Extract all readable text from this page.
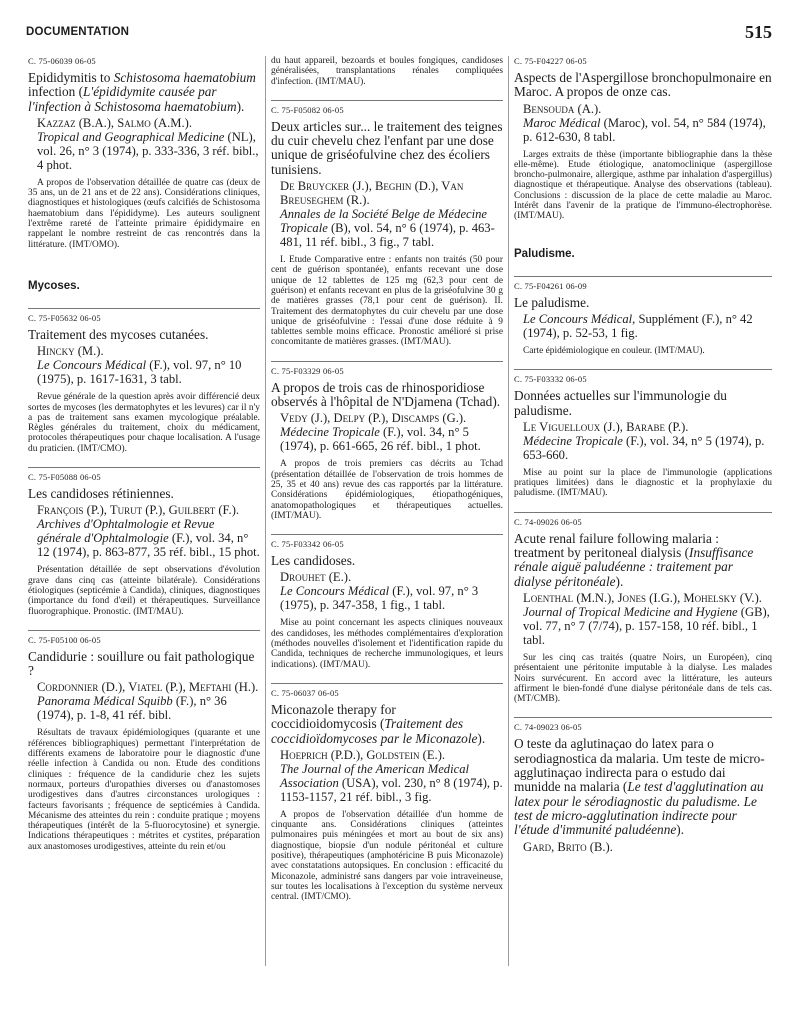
DOCUMENTATION	515
C. 75-06039 06-05
Epididymitis to Schistosoma haematobium infection (L'épididymite causée par l'infection à Schistosoma haematobium).
Kazzaz (B.A.), Salmo (A.M.).
Tropical and Geographical Medicine (NL), vol. 26, n° 3 (1974), p. 333-336, 3 réf. bibl., 4 phot.
A propos de l'observation détaillée de quatre cas (deux de 35 ans, un de 21 ans et de 22 ans). Considérations cliniques, diagnostiques et histologiques (œufs calcifiés de Schistosoma haematobium dans l'épididyme). Les auteurs soulignent l'extrême rareté de l'atteinte primaire épididymaire en rappelant le nombre restreint de cas rencontrés dans la littérature. (IMT/OMO).
Mycoses.
C. 75-F05632 06-05
Traitement des mycoses cutanées.
Hincky (M.).
Le Concours Médical (F.), vol. 97, n° 10 (1975), p. 1617-1631, 3 tabl.
Revue générale de la question après avoir différencié deux sortes de mycoses (les dermatophytes et les levures) car il n'y a pas de traitement sans examen mycologique préalable. Règles générales du traitement, choix du médicament, protocoles thérapeutiques pour chaque localisation. A l'usage du praticien. (IMT/CMO).
C. 75-F05088 06-05
Les candidoses rétiniennes.
François (P.), Turut (P.), Guilbert (F.).
Archives d'Ophtalmologie et Revue générale d'Ophtalmologie (F.), vol. 34, n° 12 (1974), p. 863-877, 35 réf. bibl., 15 phot.
Présentation détaillée de sept observations d'évolution grave dans cinq cas (atteinte bilatérale). Considérations étiologiques (septicémie à Candida), cliniques, diagnostiques (importance du fond d'œil) et thérapeutiques. Surveillance fluorographique. Pronostic. (IMT/MAU).
C. 75-F05100 06-05
Candidurie : souillure ou fait pathologique ?
Cordonnier (D.), Viatel (P.), Meftahi (H.).
Panorama Médical Squibb (F.), n° 36 (1974), p. 1-8, 41 réf. bibl.
Résultats de travaux épidémiologiques (quarante et une références bibliographiques) permettant l'interprétation de différents examens de laboratoire pour le diagnostic d'une réelle infection à Candida ou non. Etude des conditions cliniques : fréquence de la candidurie chez les sujets normaux, porteurs d'uropathies diverses ou d'anastomoses urodigestives dans d'autres circonstances urologiques : facteurs favorisants ; fréquence de septicémies à Candida. Mécanisme des atteintes du rein : conduite pratique ; moyens thérapeutiques (intérêt de la 5-fluorocytosine) et synergie. Indications thérapeutiques : métrites et cystites, préparation aux anastomoses urodigestives, atteinte du rein et/ou
du haut appareil, bezoards et boules fongiques, candidoses généralisées, transplantations rénales compliquées d'infection. (IMT/MAU).
C. 75-F05082 06-05
Deux articles sur... le traitement des teignes du cuir chevelu chez l'enfant par une dose unique de griséofulvine chez des écoliers tunisiens.
De Bruycker (J.), Beghin (D.), Van Breuseghem (R.).
Annales de la Société Belge de Médecine Tropicale (B), vol. 54, n° 6 (1974), p. 463-481, 11 réf. bibl., 3 fig., 7 tabl.
I. Etude Comparative entre : enfants non traités (50 pour cent de guérison spontanée), enfants recevant une dose unique de 12 tablettes de 125 mg (62,3 pour cent de guérison) et enfants recevant en plus de la griséofulvine 30 g de matières grasses (78,1 pour cent de guérison). II. Traitement des dermatophytes du cuir chevelu par une dose unique de griséofulvine : l'essai d'une dose réduite à 9 tablettes semble moins efficace. Pronostic amélioré si prise concomitante de matières grasses. (IMT/MAU).
C. 75-F03329 06-05
A propos de trois cas de rhinosporidiose observés à l'hôpital de N'Djamena (Tchad).
Vedy (J.), Delpy (P.), Discamps (G.).
Médecine Tropicale (F.), vol. 34, n° 5 (1974), p. 661-665, 26 réf. bibl., 1 phot.
A propos de trois premiers cas décrits au Tchad (présentation détaillée de l'observation de trois hommes de 25, 35 et 40 ans) revue des cas rapportés par la littérature. Considérations épidémiologiques, étiopathogéniques, anatomopathologiques et thérapeutiques actuelles. (IMT/MAU).
C. 75-F03342 06-05
Les candidoses.
Drouhet (E.).
Le Concours Médical (F.), vol. 97, n° 3 (1975), p. 347-358, 1 fig., 1 tabl.
Mise au point concernant les aspects cliniques nouveaux des candidoses, les méthodes complémentaires d'exploration (méthodes nouvelles d'isolement et l'identification rapide du Candida, techniques de recherche immunologiques, et leurs indications). (IMT/MAU).
C. 75-06037 06-05
Miconazole therapy for coccidioidomycosis (Traitement des coccidioïdomycoses par le Miconazole).
Hoeprich (P.D.), Goldstein (E.).
The Journal of the American Medical Association (USA), vol. 230, n° 8 (1974), p. 1153-1157, 21 réf. bibl., 3 fig.
A propos de l'observation détaillée d'un homme de cinquante ans. Considérations cliniques (atteintes pulmonaires puis méningées et mort au bout de six ans) diagnostique, biopsie d'un nodule péritonéal et culture positive), thérapeutiques (amphotéricine B puis Miconazole) avec constatations autopsiques. En conclusion : efficacité du Miconazole, administré sans dangers par voie intraveineuse, sur toutes les localisations à l'exception du système nerveux central. (IMT/CMO).
C. 75-F04227 06-05
Aspects de l'Aspergillose bronchopulmonaire en Maroc. A propos de onze cas.
Bensouda (A.).
Maroc Médical (Maroc), vol. 54, n° 584 (1974), p. 612-630, 8 tabl.
Larges extraits de thèse (importante bibliographie dans la thèse elle-même). Etude étiologique, anatomoclinique (aspergillose broncho-pulmonaire, allergique, asthme par inhalation d'aspergillus) diagnostique et thérapeutique. Analyse des observations (tableau). Conclusions : discussion de la place de cette maladie au Maroc. Intérêt dans l'avenir de la pratique de l'immuno-électrophorèse. (IMT/MAU).
Paludisme.
C. 75-F04261 06-09
Le paludisme.
Le Concours Médical, Supplément (F.), n° 42 (1974), p. 52-53, 1 fig.
Carte épidémiologique en couleur. (IMT/MAU).
C. 75-F03332 06-05
Données actuelles sur l'immunologie du paludisme.
Le Viguelloux (J.), Barabe (P.).
Médecine Tropicale (F.), vol. 34, n° 5 (1974), p. 653-660.
Mise au point sur la place de l'immunologie (applications pratiques limitées) dans le diagnostic et la prophylaxie du paludisme. (IMT/MAU).
C. 74-09026 06-05
Acute renal failure following malaria : treatment by peritoneal dialysis (Insuffisance rénale aiguë paludéenne : traitement par dialyse péritonéale).
Loenthal (M.N.), Jones (I.G.), Mohelsky (V.).
Journal of Tropical Medicine and Hygiene (GB), vol. 77, n° 7 (7/74), p. 157-158, 10 réf. bibl., 1 tabl.
Sur les cinq cas traités (quatre Noirs, un Européen), cinq présentaient une péritonite imputable à la dialyse. Les malades Noirs survécurent. En accord avec la littérature, les auteurs affirment le bien-fondé d'une dialyse péritonéale dans de tels cas. (MT/CMB).
C. 74-09023 06-05
O teste da aglutinaçao do latex para o serodiagnostica da malaria. Um teste de micro-agglutinaçao indirecta para o estudo dai munidde na malaria (Le test d'agglutination au latex pour le sérodiagnostic du paludisme. Le test de micro-agglutination indirecte pour l'étude d'immunité paludéenne).
Gard, Brito (B.).
